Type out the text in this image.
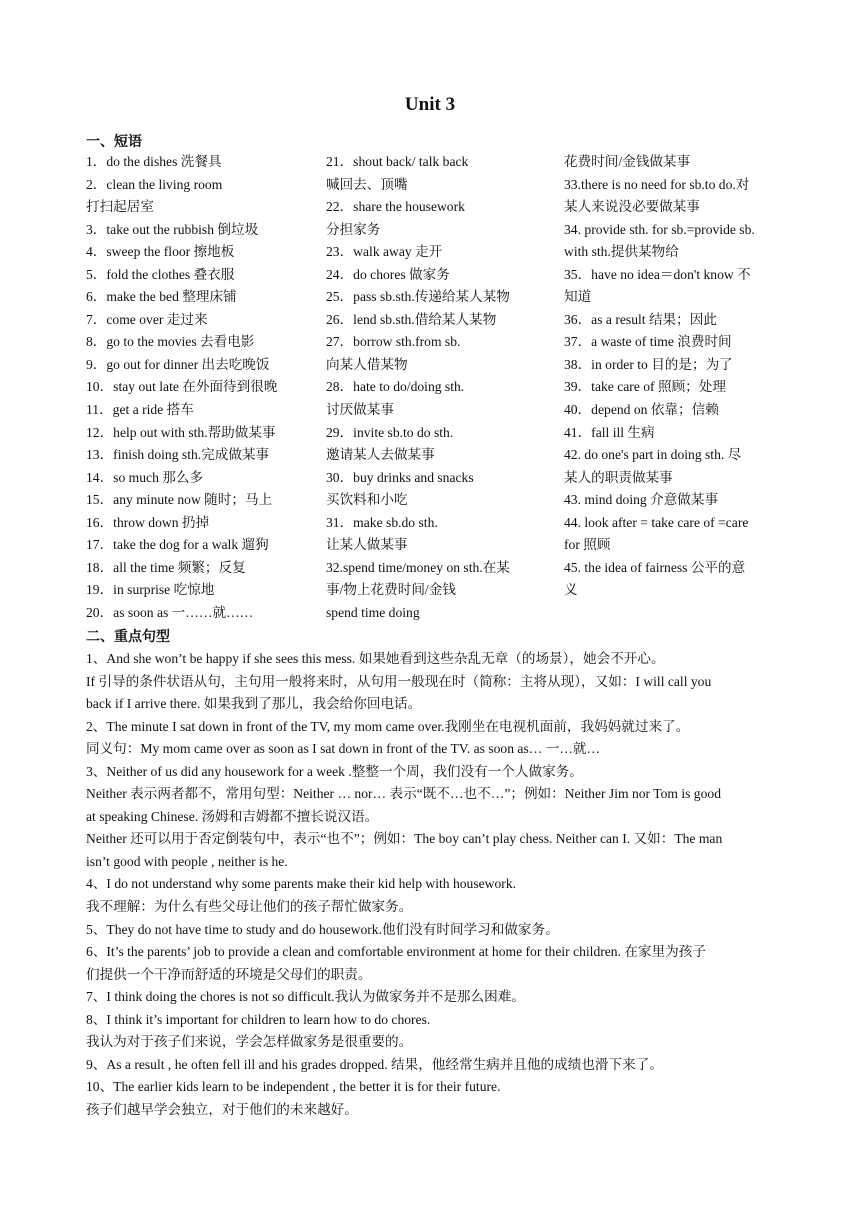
Unit 3
一、短语
1．do the dishes 洗餐具
2．clean the living room
打扫起居室
3．take out the rubbish 倒垃圾
4．sweep the floor 擦地板
5．fold the clothes 叠衣服
6．make the bed 整理床铺
7．come over 走过来
8．go to the movies 去看电影
9．go out for dinner 出去吃晚饭
10．stay out late 在外面待到很晚
11．get a ride 搭车
12．help out with sth.帮助做某事
13．finish doing sth.完成做某事
14．so much 那么多
15．any minute now 随时；马上
16．throw down 扔掉
17．take the dog for a walk 遛狗
18．all the time 频繁；反复
19．in surprise 吃惊地
20．as soon as 一……就……
21．shout back/ talk back
喊回去、顶嘴
22．share the housework
分担家务
23．walk away 走开
24．do chores 做家务
25．pass sb.sth.传递给某人某物
26．lend sb.sth.借给某人某物
27．borrow sth.from sb.
向某人借某物
28．hate to do/doing sth.
讨厌做某事
29．invite sb.to do sth.
邀请某人去做某事
30．buy drinks and snacks
买饮料和小吃
31．make sb.do sth.
让某人做某事
32.spend time/money on sth.在某
事/物上花费时间/金钱
spend time doing
花费时间/金钱做某事
33.there is no need for sb.to do.对
某人来说没必要做某事
34. provide sth. for sb.=provide sb.
with sth.提供某物给
35．have no idea＝don't know 不
知道
36．as a result 结果；因此
37．a waste of time 浪费时间
38．in order to 目的是；为了
39．take care of 照顾；处理
40．depend on 依靠；信赖
41．fall ill 生病
42. do one's part in doing sth. 尽
某人的职责做某事
43. mind doing 介意做某事
44. look after = take care of =care
for 照顾
45. the idea of fairness 公平的意
义
二、重点句型
1、And she won’t be happy if she sees this mess. 如果她看到这些杂乱无章（的场景），她会不开心。
If 引导的条件状语从句，主句用一般将来时，从句用一般现在时（简称：主将从现），又如：I will call you
back if I arrive there. 如果我到了那儿，我会给你回电话。
2、The minute I sat down in front of the TV, my mom came over.我刚坐在电视机面前，我妈妈就过来了。
同义句：My mom came over as soon as I sat down in front of the TV. as soon as… 一…就…
3、Neither of us did any housework for a week .整整一个周，我们没有一个人做家务。
Neither 表示两者都不，常用句型：Neither … nor… 表示“既不…也不…”；例如：Neither Jim nor Tom is good
at speaking Chinese. 汤姆和吉姆都不擅长说汉语。
Neither 还可以用于否定倒装句中，表示“也不”；例如：The boy can’t play chess. Neither can I. 又如：The man
isn’t good with people , neither is he.
4、I do not understand why some parents make their kid help with housework.
我不理解：为什么有些父母让他们的孩子帮忙做家务。
5、They do not have time to study and do housework.他们没有时间学习和做家务。
6、It’s the parents’ job to provide a clean and comfortable environment at home for their children. 在家里为孩子
们提供一个干净而舒适的环境是父母们的职责。
7、I think doing the chores is not so difficult.我认为做家务并不是那么困难。
8、I think it’s important for children to learn how to do chores.
我认为对于孩子们来说，学会怎样做家务是很重要的。
9、As a result , he often fell ill and his grades dropped. 结果，他经常生病并且他的成绩也滑下来了。
10、The earlier kids learn to be independent , the better it is for their future.
孩子们越早学会独立，对于他们的未来越好。
